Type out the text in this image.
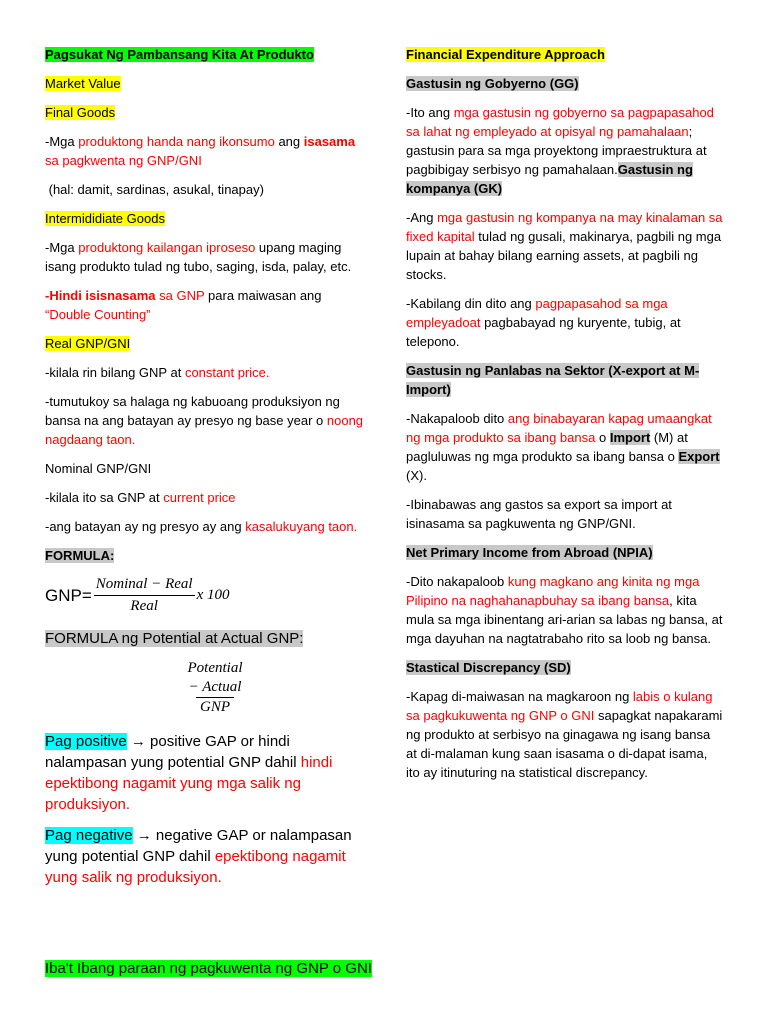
Pagsukat Ng Pambansang Kita At Produkto

Market Value

Final Goods

-Mga produktong handa nang ikonsumo ang isasama sa pagkwenta ng GNP/GNI

(hal: damit, sardinas, asukal, tinapay)

Intermididiate Goods

-Mga produktong kailangan iproseso upang maging isang produkto tulad ng tubo, saging, isda, palay, etc.

-Hindi isisnasama sa GNP para maiwasan ang “Double Counting”

Real GNP/GNI

-kilala rin bilang GNP at constant price.

-tumutukoy sa halaga ng kabuoang produksiyon ng bansa na ang batayan ay presyo ng base year o noong nagdaang taon.

Nominal GNP/GNI

-kilala ito sa GNP at current price

-ang batayan ay ng presyo ay ang kasalukuyang taon.

FORMULA:

$GNP= \frac{\text{Nominal − Real}}{\text{Real}}$ x 100

FORMULA ng Potential at Actual GNP:

Potential
− Actual
GNP

Pag positive → positive GAP or hindi nalampasan yung potential GNP dahil hindi epektibong nagamit yung mga salik ng produksiyon.

Pag negative → negative GAP or nalampasan yung potential GNP dahil epektibong nagamit yung salik ng produksiyon.

Financial Expenditure Approach

Gastusin ng Gobyerno (GG)

-Ito ang mga gastusin ng gobyerno sa pagpapasahod sa lahat ng empleyado at opisyal ng pamahalaan; gastusin para sa mga proyektong impraestruktura at pagbibigay serbisyo ng pamahalaan.Gastusin ng kompanya (GK)

-Ang mga gastusin ng kompanya na may kinalaman sa fixed kapital tulad ng gusali, makinarya, pagbili ng mga lupain at bahay bilang earning assets, at pagbili ng stocks.

-Kabilang din dito ang pagpapasahod sa mga empleyadoat pagbabayad ng kuryente, tubig, at telepono.

Gastusin ng Panlabas na Sektor (X-export at M-Import)

-Nakapaloob dito ang binabayaran kapag umaangkat ng mga produkto sa ibang bansa o Import (M) at pagluluwas ng mga produkto sa ibang bansa o Export (X).

-Ibinabawas ang gastos sa export sa import at isinasama sa pagkuwenta ng GNP/GNI.

Net Primary Income from Abroad (NPIA)

-Dito nakapaloob kung magkano ang kinita ng mga Pilipino na naghahanapbuhay sa ibang bansa, kita mula sa mga ibinentang ari-arian sa labas ng bansa, at mga dayuhan na nagtatrabaho rito sa loob ng bansa.

Stastical Discrepancy (SD)

-Kapag di-maiwasan na magkaroon ng labis o kulang sa pagkukuwenta ng GNP o GNI sapagkat napakarami ng produkto at serbisyo na ginagawa ng isang bansa at di-malaman kung saan isasama o di-dapat isama, ito ay itinuturing na statistical discrepancy.

Iba't Ibang paraan ng pagkuwenta ng GNP o GNI
